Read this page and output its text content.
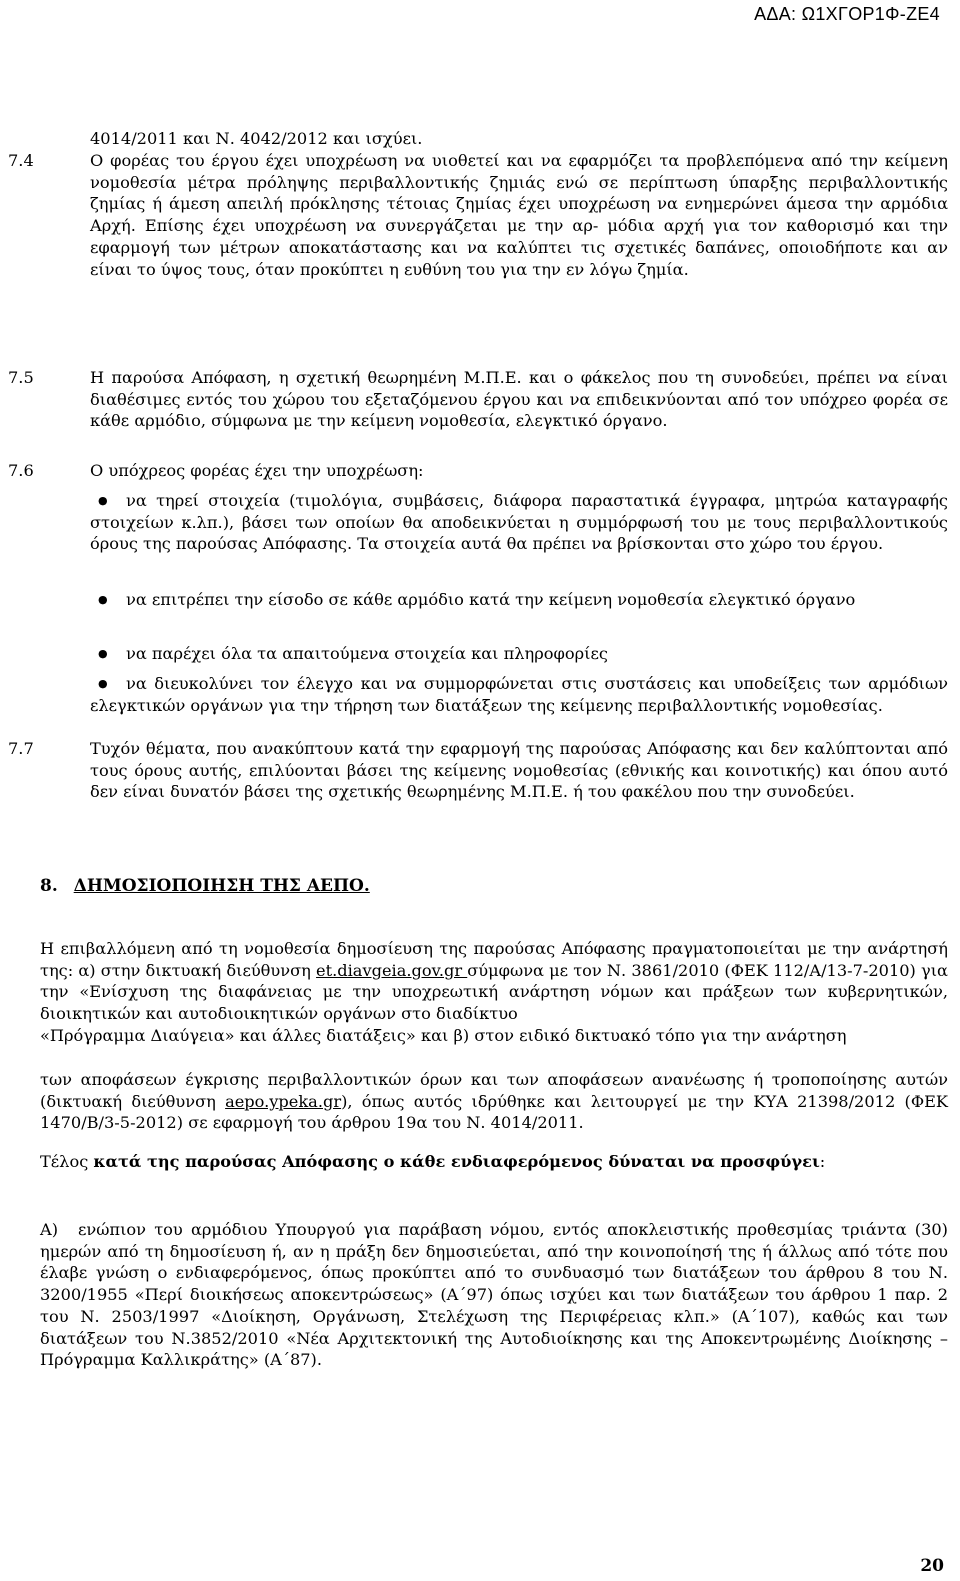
ΑΔΑ: Ω1ΧΓΟΡ1Φ-ΖΕ4

4014/2011 και Ν. 4042/2012 και ισχύει.

7.4	Ο φορέας του έργου έχει υποχρέωση να υιοθετεί και να εφαρμόζει τα προβλεπόμενα από την κείμενη νομοθεσία μέτρα πρόληψης περιβαλλοντικής ζημιάς ενώ σε περίπτωση ύπαρξης περιβαλλοντικής ζημίας ή άμεση απειλή πρόκλησης τέτοιας ζημίας έχει υποχρέωση να ενημερώνει άμεσα την αρμόδια Αρχή. Επίσης έχει υποχρέωση να συνεργάζεται με την αρ- μόδια αρχή για τον καθορισμό και την εφαρμογή των μέτρων αποκατάστασης και να καλύπτει τις σχετικές δαπάνες, οποιοδήποτε και αν είναι το ύψος τους, όταν προκύπτει η ευθύνη του για την εν λόγω ζημία.

7.5	Η παρούσα Απόφαση, η σχετική θεωρημένη Μ.Π.Ε. και ο φάκελος που τη συνοδεύει, πρέπει να είναι διαθέσιμες εντός του χώρου του εξεταζόμενου έργου και να επιδεικνύονται από τον υπόχρεο φορέα σε κάθε αρμόδιο, σύμφωνα με την κείμενη νομοθεσία, ελεγκτικό όργανο.

7.6	Ο υπόχρεος φορέας έχει την υποχρέωση:

●	να τηρεί στοιχεία (τιμολόγια, συμβάσεις, διάφορα παραστατικά έγγραφα, μητρώα καταγραφής στοιχείων κ.λπ.), βάσει των οποίων θα αποδεικνύεται η συμμόρφωσή του με τους περιβαλλοντικούς όρους της παρούσας Απόφασης. Τα στοιχεία αυτά θα πρέπει να βρίσκονται στο χώρο του έργου.

●	να επιτρέπει την είσοδο σε κάθε αρμόδιο κατά την κείμενη νομοθεσία ελεγκτικό όργανο

●	να παρέχει όλα τα απαιτούμενα στοιχεία και πληροφορίες

●	να διευκολύνει τον έλεγχο και να συμμορφώνεται στις συστάσεις και υποδείξεις των αρμόδιων ελεγκτικών οργάνων για την τήρηση των διατάξεων της κείμενης περιβαλλοντικής νομοθεσίας.

7.7	Τυχόν θέματα, που ανακύπτουν κατά την εφαρμογή της παρούσας Απόφασης και δεν καλύπτονται από τους όρους αυτής, επιλύονται βάσει της κείμενης νομοθεσίας (εθνικής και κοινοτικής) και όπου αυτό δεν είναι δυνατόν βάσει της σχετικής θεωρημένης Μ.Π.Ε. ή του φακέλου που την συνοδεύει.

8. ΔΗΜΟΣΙΟΠΟΙΗΣΗ ΤΗΣ ΑΕΠΟ.

Η επιβαλλόμενη από τη νομοθεσία δημοσίευση της παρούσας Απόφασης πραγματοποιείται με την ανάρτησή της: α) στην δικτυακή διεύθυνση et.diavgeia.gov.gr σύμφωνα με τον Ν. 3861/2010 (ΦΕΚ 112/Α/13-7-2010) για την «Ενίσχυση της διαφάνειας με την υποχρεωτική ανάρτηση νόμων και πράξεων των κυβερνητικών, διοικητικών και αυτοδιοικητικών οργάνων στο διαδίκτυο

«Πρόγραμμα Διαύγεια» και άλλες διατάξεις» και β) στον ειδικό δικτυακό τόπο για την ανάρτηση

των αποφάσεων έγκρισης περιβαλλοντικών όρων και των αποφάσεων ανανέωσης ή τροποποίησης αυτών (δικτυακή διεύθυνση aepo.ypeka.gr), όπως αυτός ιδρύθηκε και λειτουργεί με την ΚΥΑ 21398/2012 (ΦΕΚ 1470/Β/3-5-2012) σε εφαρμογή του άρθρου 19α του Ν. 4014/2011.

Τέλος κατά της παρούσας Απόφασης ο κάθε ενδιαφερόμενος δύναται να προσφύγει:

Α)	ενώπιον του αρμόδιου Υπουργού για παράβαση νόμου, εντός αποκλειστικής προθεσμίας τριάντα (30) ημερών από τη δημοσίευση ή, αν η πράξη δεν δημοσιεύεται, από την κοινοποίησή της ή άλλως από τότε που έλαβε γνώση ο ενδιαφερόμενος, όπως προκύπτει από το συνδυασμό των διατάξεων του άρθρου 8 του Ν. 3200/1955 «Περί διοικήσεως αποκεντρώσεως» (Α΄97) όπως ισχύει και των διατάξεων του άρθρου 1 παρ. 2 του Ν. 2503/1997 «Διοίκηση, Οργάνωση, Στελέχωση της Περιφέρειας κλπ.» (Α΄107), καθώς και των διατάξεων του Ν.3852/2010 «Νέα Αρχιτεκτονική της Αυτοδιοίκησης και της Αποκεντρωμένης Διοίκησης – Πρόγραμμα Καλλικράτης» (Α΄87).

20
